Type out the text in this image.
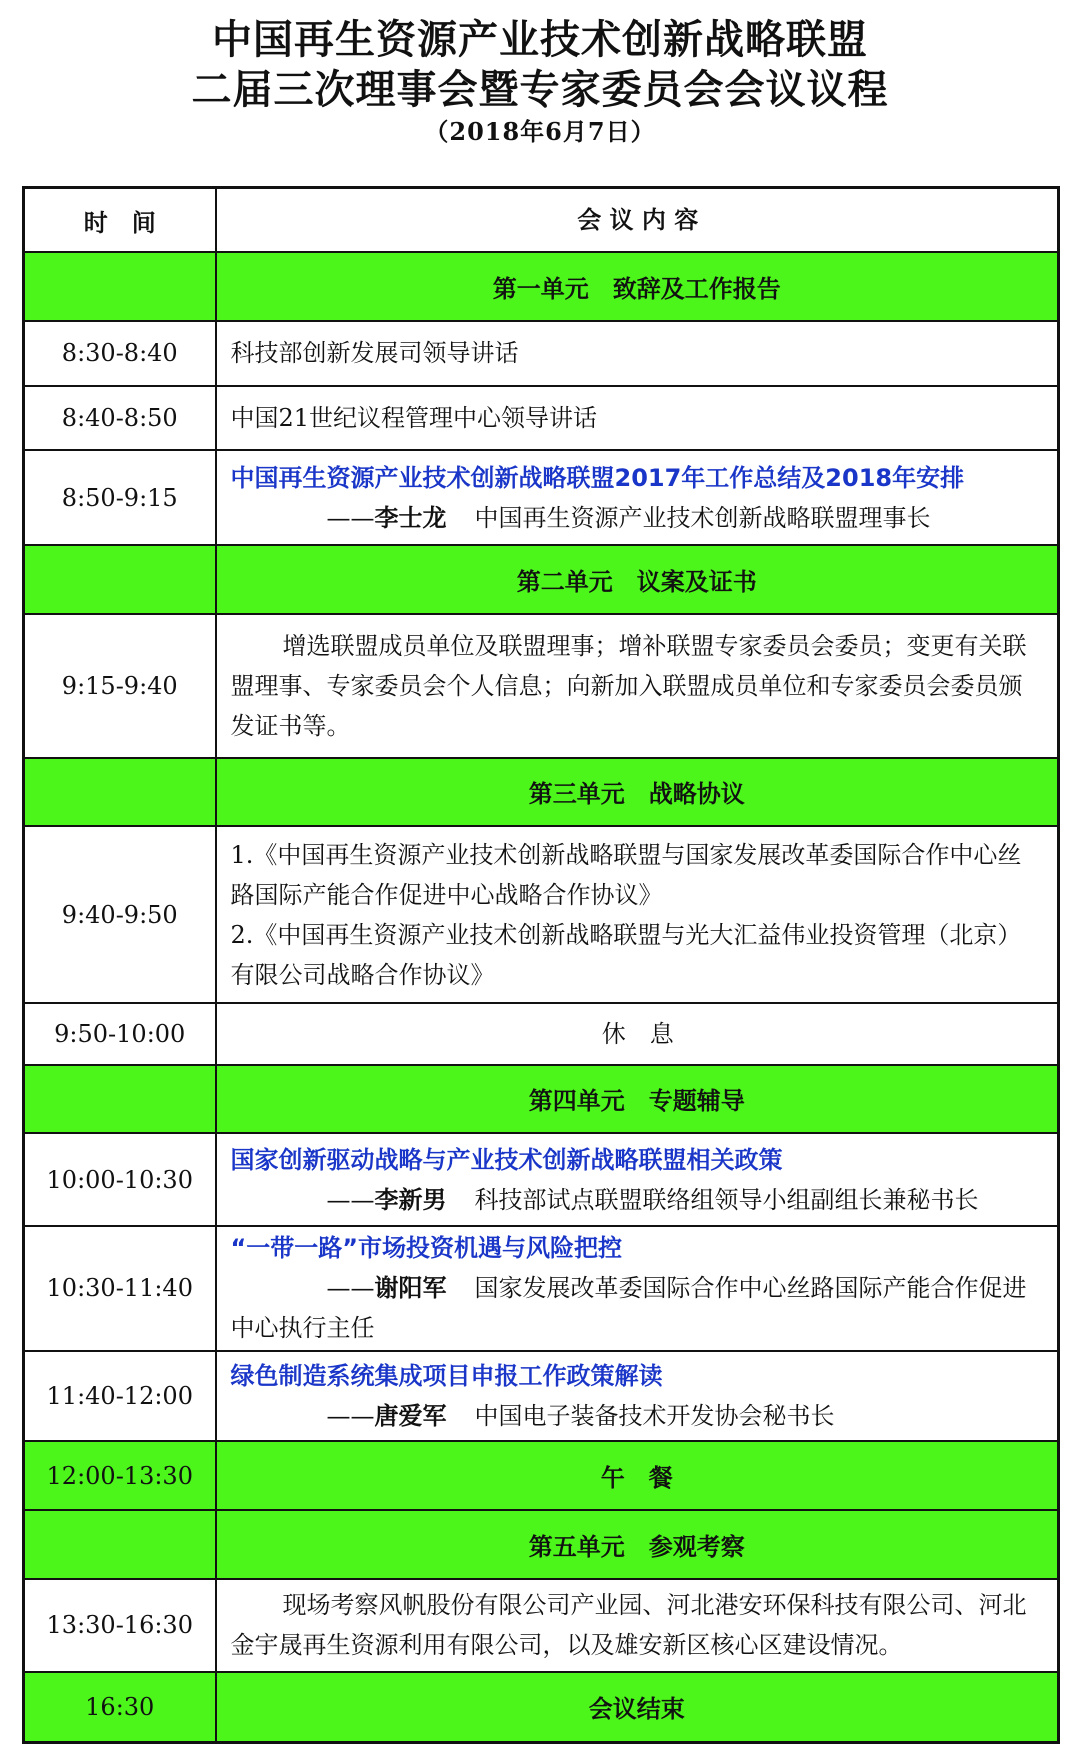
中国再生资源产业技术创新战略联盟
二届三次理事会暨专家委员会会议议程
（2018年6月7日）
时　间	会 议 内 容
	第一单元　致辞及工作报告
8:30-8:40	科技部创新发展司领导讲话
8:40-8:50	中国21世纪议程管理中心领导讲话
8:50-9:15	中国再生资源产业技术创新战略联盟2017年工作总结及2018年安排
——李士龙 中国再生资源产业技术创新战略联盟理事长

	第二单元　议案及证书
9:15-9:40	增选联盟成员单位及联盟理事；增补联盟专家委员会委员；变更有关联盟理事、专家委员会个人信息；向新加入联盟成员单位和专家委员会委员颁发证书等。
	第三单元　战略协议
9:40-9:50	1.《中国再生资源产业技术创新战略联盟与国家发展改革委国际合作中心丝路国际产能合作促进中心战略合作协议》
2.《中国再生资源产业技术创新战略联盟与光大汇益伟业投资管理（北京）有限公司战略合作协议》

9:50-10:00	休　息
	第四单元　专题辅导
10:00-10:30	国家创新驱动战略与产业技术创新战略联盟相关政策
——李新男 科技部试点联盟联络组领导小组副组长兼秘书长

10:30-11:40	“一带一路”市场投资机遇与风险把控
——谢阳军 国家发展改革委国际合作中心丝路国际产能合作促进中心执行主任

11:40-12:00	绿色制造系统集成项目申报工作政策解读
——唐爱军 中国电子装备技术开发协会秘书长

12:00-13:30	午　餐
	第五单元　参观考察
13:30-16:30	现场考察风帆股份有限公司产业园、河北港安环保科技有限公司、河北金宇晟再生资源利用有限公司，以及雄安新区核心区建设情况。
16:30	会议结束
